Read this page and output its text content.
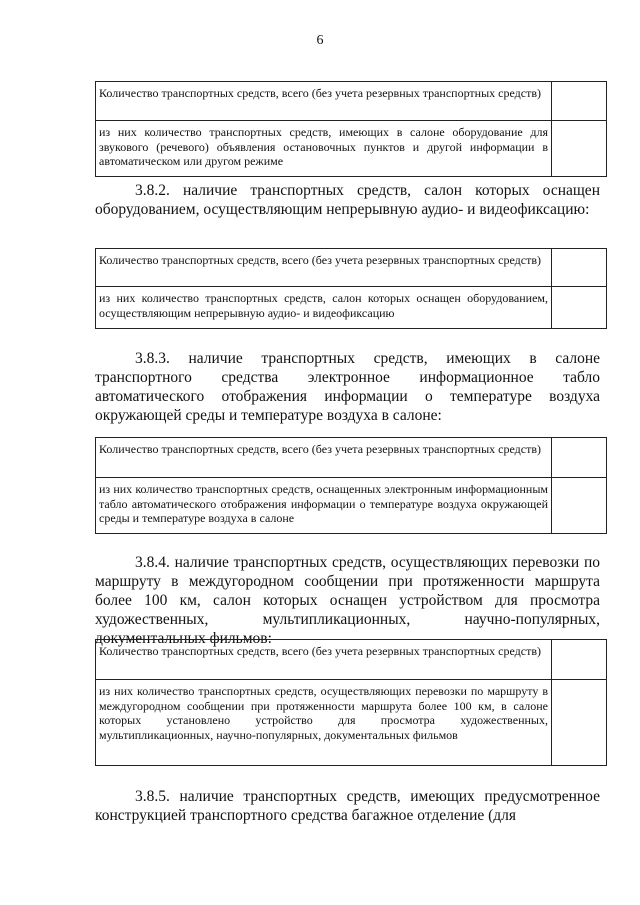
6
Количество транспортных средств, всего (без учета резервных транспортных средств)	
из них количество транспортных средств, имеющих в салоне оборудование для звукового (речевого) объявления остановочных пунктов и другой информации в автоматическом или другом режиме	

3.8.2. наличие транспортных средств, салон которых оснащен оборудованием, осуществляющим непрерывную аудио- и видеофиксацию:

Количество транспортных средств, всего (без учета резервных транспортных средств)	
из них количество транспортных средств, салон которых оснащен оборудованием, осуществляющим непрерывную аудио- и видеофиксацию	

3.8.3. наличие транспортных средств, имеющих в салоне транспортного средства электронное информационное табло автоматического отображения информации о температуре воздуха окружающей среды и температуре воздуха в салоне:

Количество транспортных средств, всего (без учета резервных транспортных средств)	
из них количество транспортных средств, оснащенных электронным информационным табло автоматического отображения информации о температуре воздуха окружающей среды и температуре воздуха в салоне	

3.8.4. наличие транспортных средств, осуществляющих перевозки по маршруту в междугородном сообщении при протяженности маршрута более 100 км, салон которых оснащен устройством для просмотра художественных, мультипликационных, научно-популярных, документальных фильмов:

Количество транспортных средств, всего (без учета резервных транспортных средств)	
из них количество транспортных средств, осуществляющих перевозки по маршруту в междугородном сообщении при протяженности маршрута более 100 км, в салоне которых установлено устройство для просмотра художественных, мультипликационных, научно-популярных, документальных фильмов	

3.8.5. наличие транспортных средств, имеющих предусмотренное конструкцией транспортного средства багажное отделение (для
